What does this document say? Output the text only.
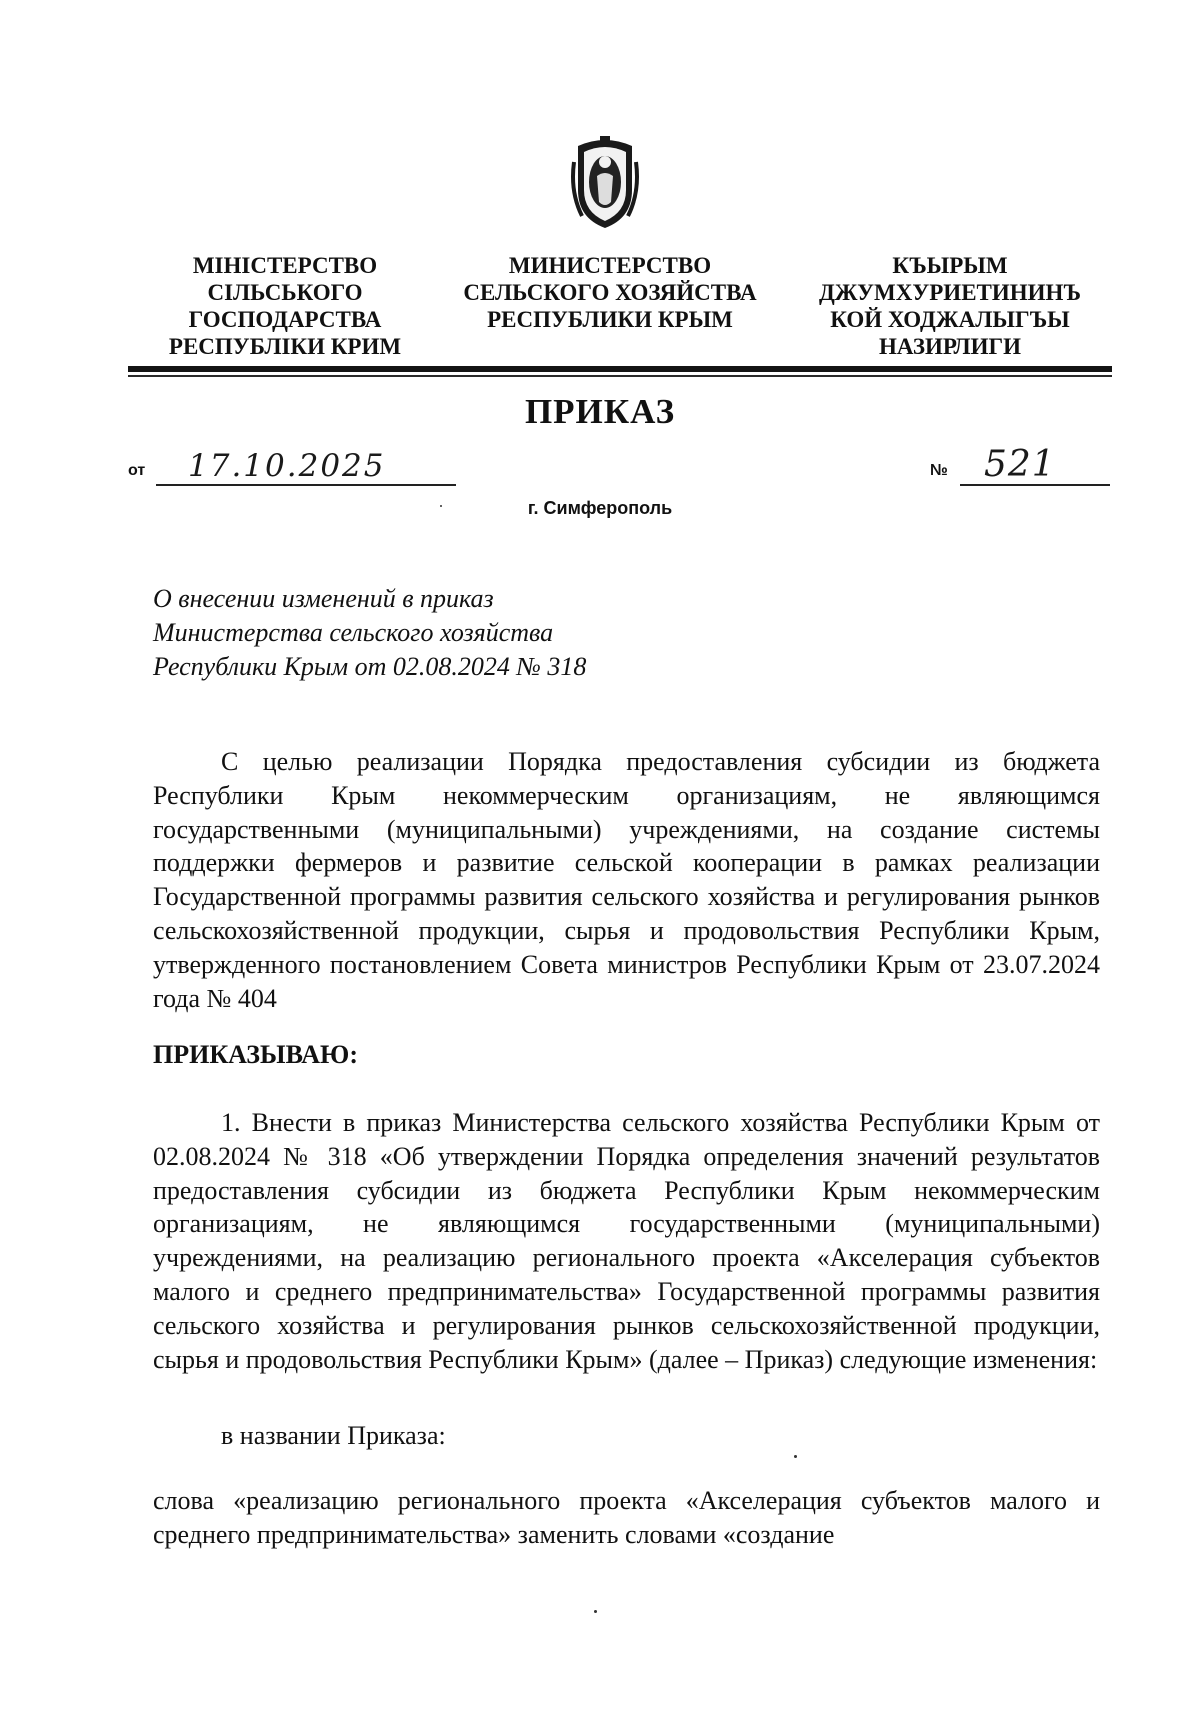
МІНІСТЕРСТВО
СІЛЬСЬКОГО
ГОСПОДАРСТВА
РЕСПУБЛІКИ КРИМ
МИНИСТЕРСТВО
СЕЛЬСКОГО ХОЗЯЙСТВА
РЕСПУБЛИКИ КРЫМ
КЪЫРЫМ
ДЖУМХУРИЕТИНИНЪ
КОЙ ХОДЖАЛЫГЪЫ
НАЗИРЛИГИ
ПРИКАЗ
от 17.10.2025	№ 521
г. Симферополь
О внесении изменений в приказ
Министерства сельского хозяйства
Республики Крым от 02.08.2024 № 318
С целью реализации Порядка предоставления субсидии из бюджета Республики Крым некоммерческим организациям, не являющимся государственными (муниципальными) учреждениями, на создание системы поддержки фермеров и развитие сельской кооперации в рамках реализации Государственной программы развития сельского хозяйства и регулирования рынков сельскохозяйственной продукции, сырья и продовольствия Республики Крым, утвержденного постановлением Совета министров Республики Крым от 23.07.2024 года № 404
ПРИКАЗЫВАЮ:
1. Внести в приказ Министерства сельского хозяйства Республики Крым от 02.08.2024 № 318 «Об утверждении Порядка определения значений результатов предоставления субсидии из бюджета Республики Крым некоммерческим организациям, не являющимся государственными (муниципальными) учреждениями, на реализацию регионального проекта «Акселерация субъектов малого и среднего предпринимательства» Государственной программы развития сельского хозяйства и регулирования рынков сельскохозяйственной продукции, сырья и продовольствия Республики Крым» (далее – Приказ) следующие изменения:
в названии Приказа:
слова «реализацию регионального проекта «Акселерация субъектов малого и среднего предпринимательства» заменить словами «создание
